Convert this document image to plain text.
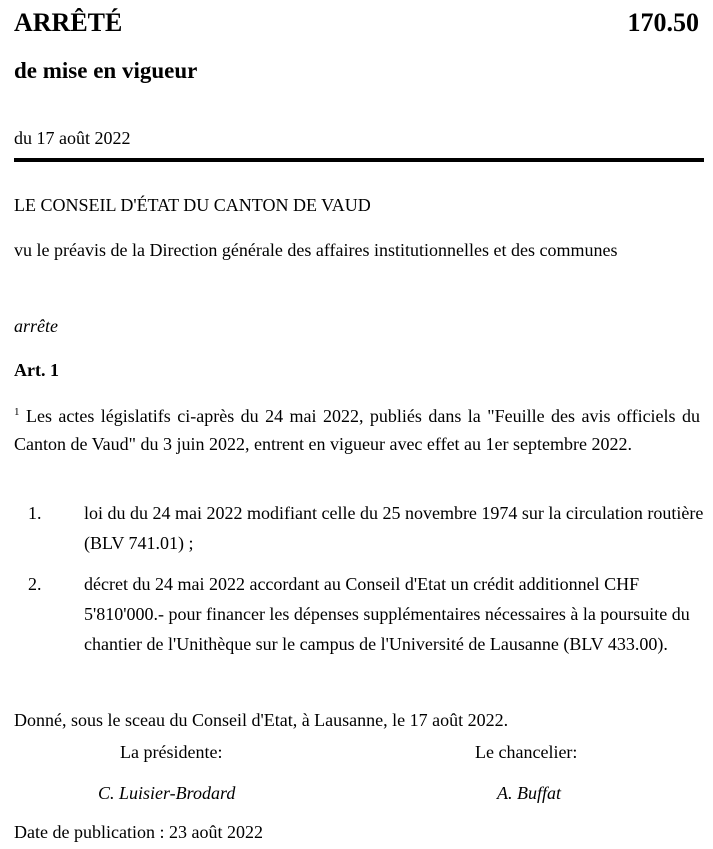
ARRÊTÉ	170.50
de mise en vigueur
du 17 août 2022
LE CONSEIL D'ÉTAT DU CANTON DE VAUD
vu le préavis de la Direction générale des affaires institutionnelles et des communes
arrête
Art. 1
$^1$ Les actes législatifs ci-après du 24 mai 2022, publiés dans la "Feuille des avis officiels du Canton de Vaud" du 3 juin 2022, entrent en vigueur avec effet au 1er septembre 2022.
1. loi du du 24 mai 2022 modifiant celle du 25 novembre 1974 sur la circulation routière (BLV 741.01) ;
2. décret du 24 mai 2022 accordant au Conseil d'Etat un crédit additionnel CHF 5'810'000.- pour financer les dépenses supplémentaires nécessaires à la poursuite du chantier de l'Unithèque sur le campus de l'Université de Lausanne (BLV 433.00).
Donné, sous le sceau du Conseil d'Etat, à Lausanne, le 17 août 2022.
La présidente:	Le chancelier:
C. Luisier-Brodard	A. Buffat
Date de publication : 23 août 2022
